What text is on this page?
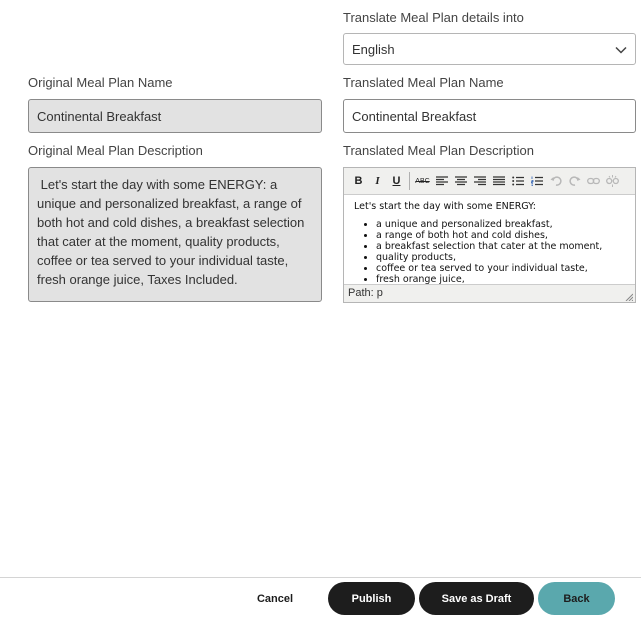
Translate Meal Plan details into
English
Original Meal Plan Name
Continental Breakfast
Translated Meal Plan Name
Continental Breakfast
Original Meal Plan Description
Let's start the day with some ENERGY: a unique and personalized breakfast, a range of both hot and cold dishes, a breakfast selection that cater at the moment, quality products, coffee or tea served to your individual taste, fresh orange juice, Taxes Included.
Translated Meal Plan Description
B	I	U	ABC

Let's start the day with some ENERGY:

• a unique and personalized breakfast,
• a range of both hot and cold dishes,
• a breakfast selection that cater at the moment,
• quality products,
• coffee or tea served to your individual taste,
• fresh orange juice,
Path: p
Cancel	Publish	Save as Draft	Back
